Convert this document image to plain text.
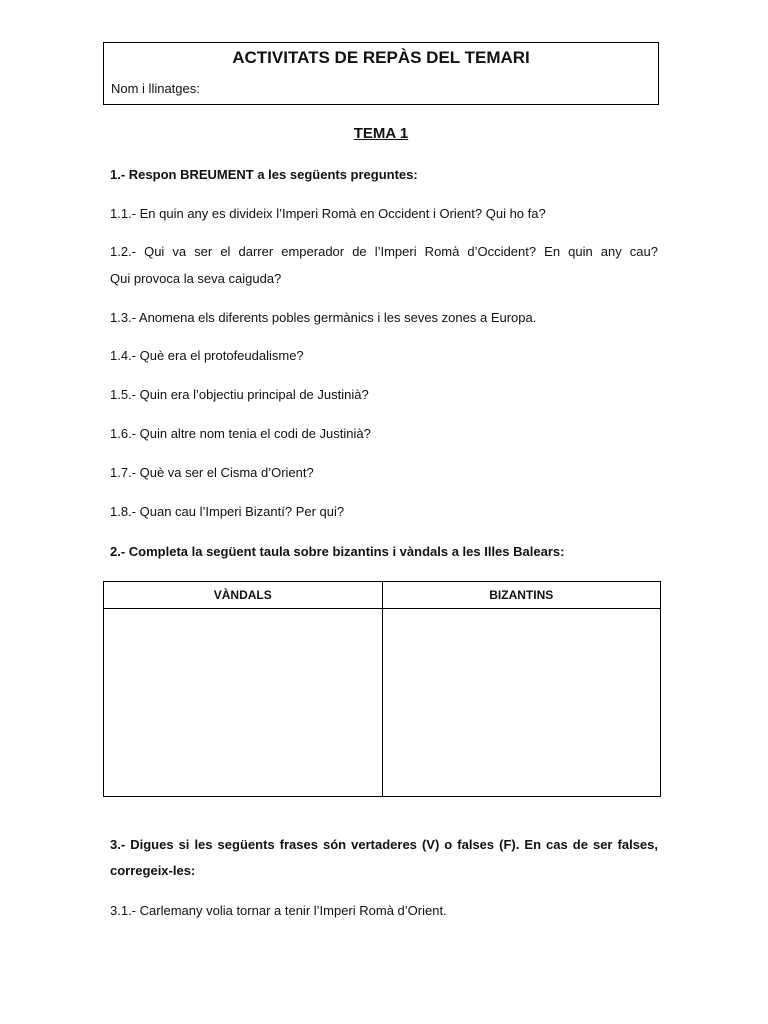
ACTIVITATS DE REPÀS DEL TEMARI
Nom i llinatges:
TEMA 1
1.- Respon BREUMENT a les següents preguntes:
1.1.- En quin any es divideix l’Imperi Romà en Occident i Orient? Qui ho fa?
1.2.- Qui va ser el darrer emperador de l’Imperi Romà d’Occident? En quin any cau?
Qui provoca la seva caiguda?
1.3.- Anomena els diferents pobles germànics i les seves zones a Europa.
1.4.- Què era el protofeudalisme?
1.5.- Quin era l’objectiu principal de Justinià?
1.6.- Quin altre nom tenia el codi de Justinià?
1.7.- Què va ser el Cisma d’Orient?
1.8.- Quan cau l’Imperi Bizantí? Per qui?
2.- Completa la següent taula sobre bizantins i vàndals a les Illes Balears:
VÀNDALS	BIZANTINS

3.- Digues si les següents frases són vertaderes (V) o falses (F). En cas de ser falses,
corregeix-les:
3.1.- Carlemany volia tornar a tenir l’Imperi Romà d’Orient.
